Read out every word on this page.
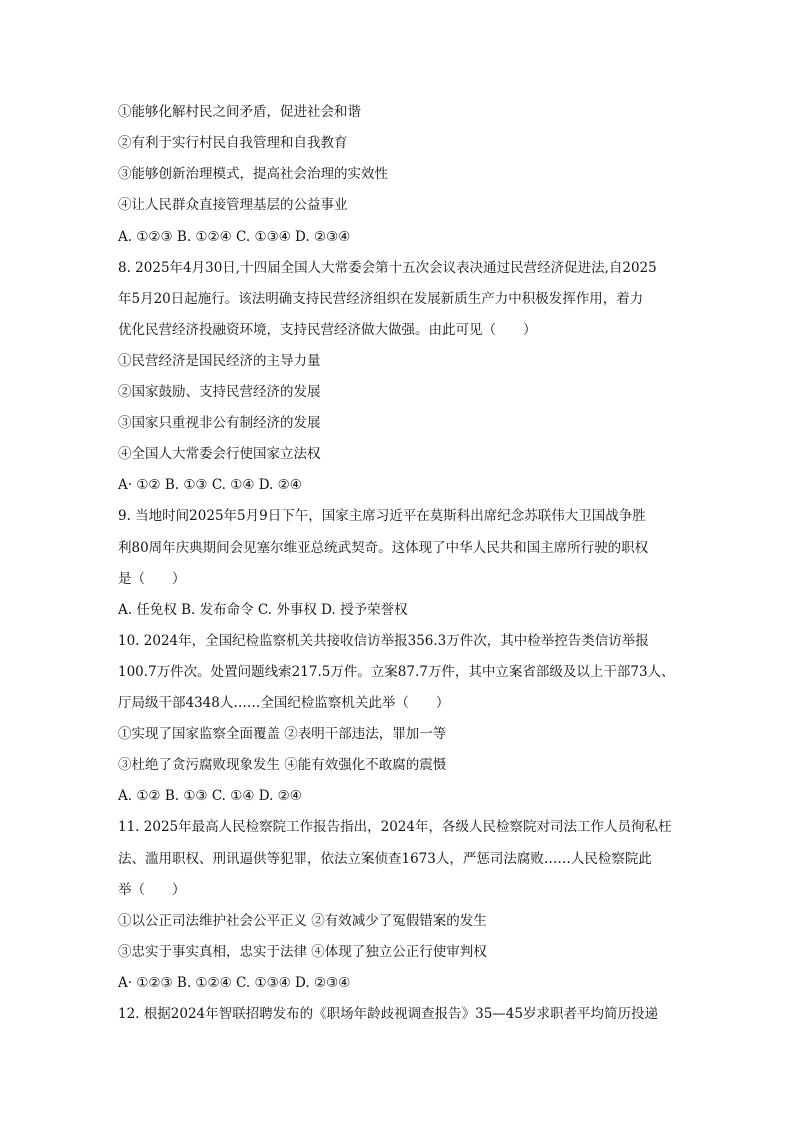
①能够化解村民之间矛盾，促进社会和谐
②有利于实行村民自我管理和自我教育
③能够创新治理模式，提高社会治理的实效性
④让人民群众直接管理基层的公益事业
A. ①②③ B. ①②④ C. ①③④ D. ②③④
8. 2025年4月30日,十四届全国人大常委会第十五次会议表决通过民营经济促进法,自2025
年5月20日起施行。该法明确支持民营经济组织在发展新质生产力中积极发挥作用，着力
优化民营经济投融资环境，支持民营经济做大做强。由此可见（　　）
①民营经济是国民经济的主导力量
②国家鼓励、支持民营经济的发展
③国家只重视非公有制经济的发展
④全国人大常委会行使国家立法权
A· ①② B. ①③ C. ①④ D. ②④
9. 当地时间2025年5月9日下午，国家主席习近平在莫斯科出席纪念苏联伟大卫国战争胜
利80周年庆典期间会见塞尔维亚总统武契奇。这体现了中华人民共和国主席所行驶的职权
是（　　）
A. 任免权 B. 发布命令 C. 外事权 D. 授予荣誉权
10. 2024年，全国纪检监察机关共接收信访举报356.3万件次，其中检举控告类信访举报
100.7万件次。处置问题线索217.5万件。立案87.7万件，其中立案省部级及以上干部73人、
厅局级干部4348人……全国纪检监察机关此举（　　）
①实现了国家监察全面覆盖 ②表明干部违法，罪加一等
③杜绝了贪污腐败现象发生 ④能有效强化不敢腐的震慑
A. ①② B. ①③ C. ①④ D. ②④
11. 2025年最高人民检察院工作报告指出，2024年，各级人民检察院对司法工作人员徇私枉
法、滥用职权、刑讯逼供等犯罪，依法立案侦查1673人，严惩司法腐败……人民检察院此
举（　　）
①以公正司法维护社会公平正义 ②有效减少了冤假错案的发生
③忠实于事实真相，忠实于法律 ④体现了独立公正行使审判权
A· ①②③ B. ①②④ C. ①③④ D. ②③④
12. 根据2024年智联招聘发布的《职场年龄歧视调查报告》35—45岁求职者平均简历投递
